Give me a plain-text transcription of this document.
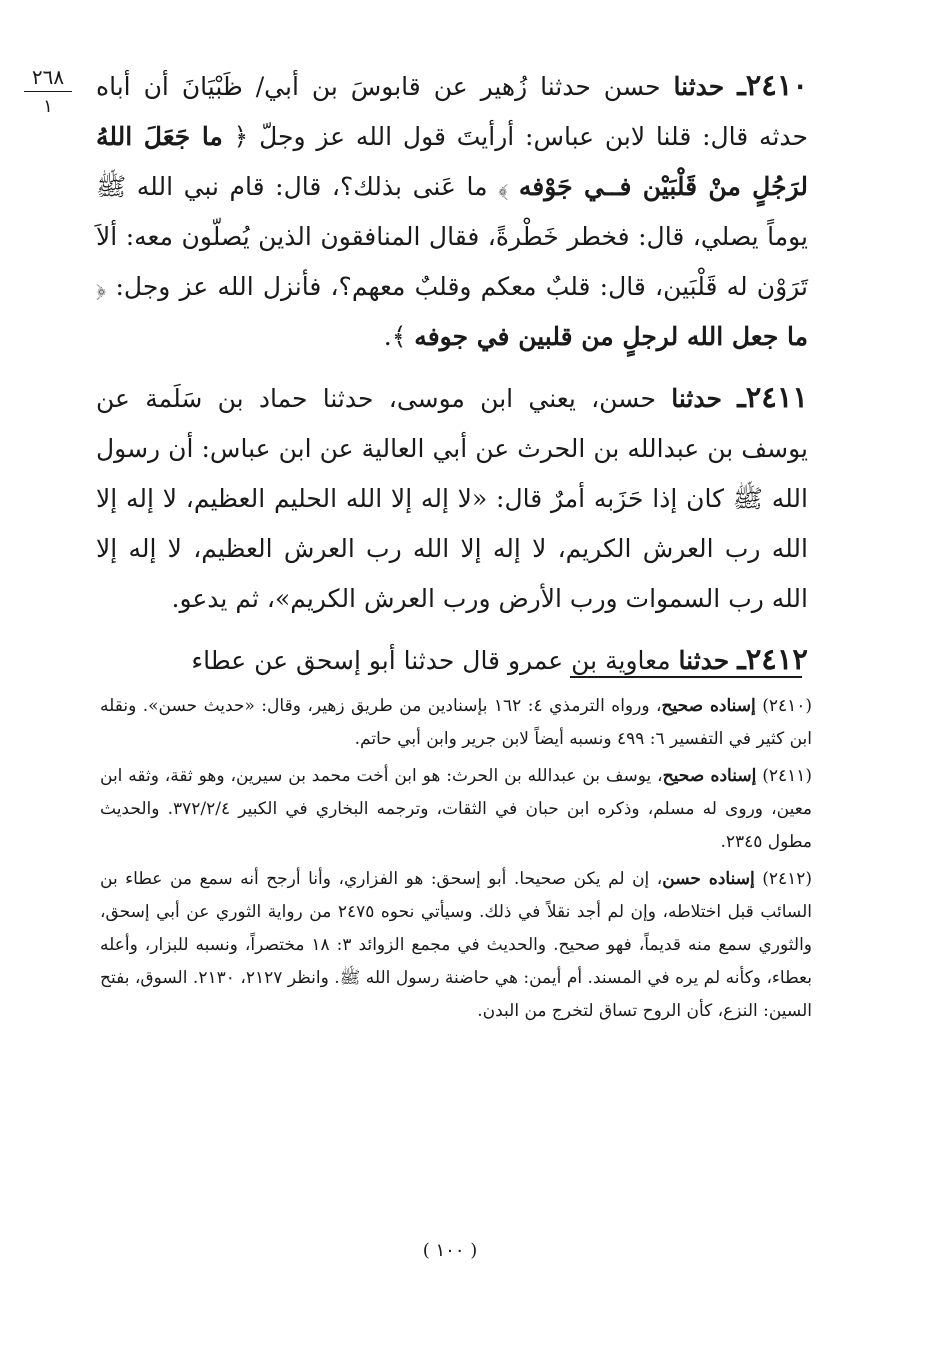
٢٦٨
١

٢٤١٠ـ حدثنا حسن حدثنا زُهير عن قابوسَ بن أبي/ ظَبْيَانَ أن أباه حدثه قال: قلنا لابن عباس: أرأيتَ قول الله عز وجلّ ﴿ ما جَعَلَ اللهُ لرَجُلٍ منْ قَلْبَيْن فــي جَوْفه ﴾ ما عَنى بذلك؟، قال: قام نبي الله ﷺ يوماً يصلي، قال: فخطر خَطْرةً، فقال المنافقون الذين يُصلّون معه: ألاَ تَرَوْن له قَلْبَين، قال: قلبٌ معكم وقلبٌ معهم؟، فأنزل الله عز وجل: ﴿ ما جعل الله لرجلٍ من قلبين في جوفه ﴾.

٢٤١١ـ حدثنا حسن، يعني ابن موسى، حدثنا حماد بن سَلَمة عن يوسف بن عبدالله بن الحرث عن أبي العالية عن ابن عباس: أن رسول الله ﷺ كان إذا حَزَبه أمرٌ قال: «لا إله إلا الله الحليم العظيم، لا إله إلا الله رب العرش الكريم، لا إله إلا الله رب العرش العظيم، لا إله إلا الله رب السموات ورب الأرض ورب العرش الكريم»، ثم يدعو.

٢٤١٢ـ حدثنا معاوية بن عمرو قال حدثنا أبو إسحق عن عطاء

(٢٤١٠) إسناده صحيح، ورواه الترمذي ٤: ١٦٢ بإسنادين من طريق زهير، وقال: «حديث حسن». ونقله ابن كثير في التفسير ٦: ٤٩٩ ونسبه أيضاً لابن جرير وابن أبي حاتم.

(٢٤١١) إسناده صحيح، يوسف بن عبدالله بن الحرث: هو ابن أخت محمد بن سيرين، وهو ثقة، وثقه ابن معين، وروى له مسلم، وذكره ابن حبان في الثقات، وترجمه البخاري في الكبير ٣٧٢/٢/٤. والحديث مطول ٢٣٤٥.

(٢٤١٢) إسناده حسن، إن لم يكن صحيحا. أبو إسحق: هو الفزاري، وأنا أرجح أنه سمع من عطاء بن السائب قبل اختلاطه، وإن لم أجد نقلاً في ذلك. وسيأتي نحوه ٢٤٧٥ من رواية الثوري عن أبي إسحق، والثوري سمع منه قديماً، فهو صحيح. والحديث في مجمع الزوائد ٣: ١٨ مختصراً، ونسبه للبزار، وأعله بعطاء، وكأنه لم يره في المسند. أم أيمن: هي حاضنة رسول الله ﷺ. وانظر ٢١٢٧، ٢١٣٠. السوق، بفتح السين: النزع، كأن الروح تساق لتخرج من البدن.

( ١٠٠ )
